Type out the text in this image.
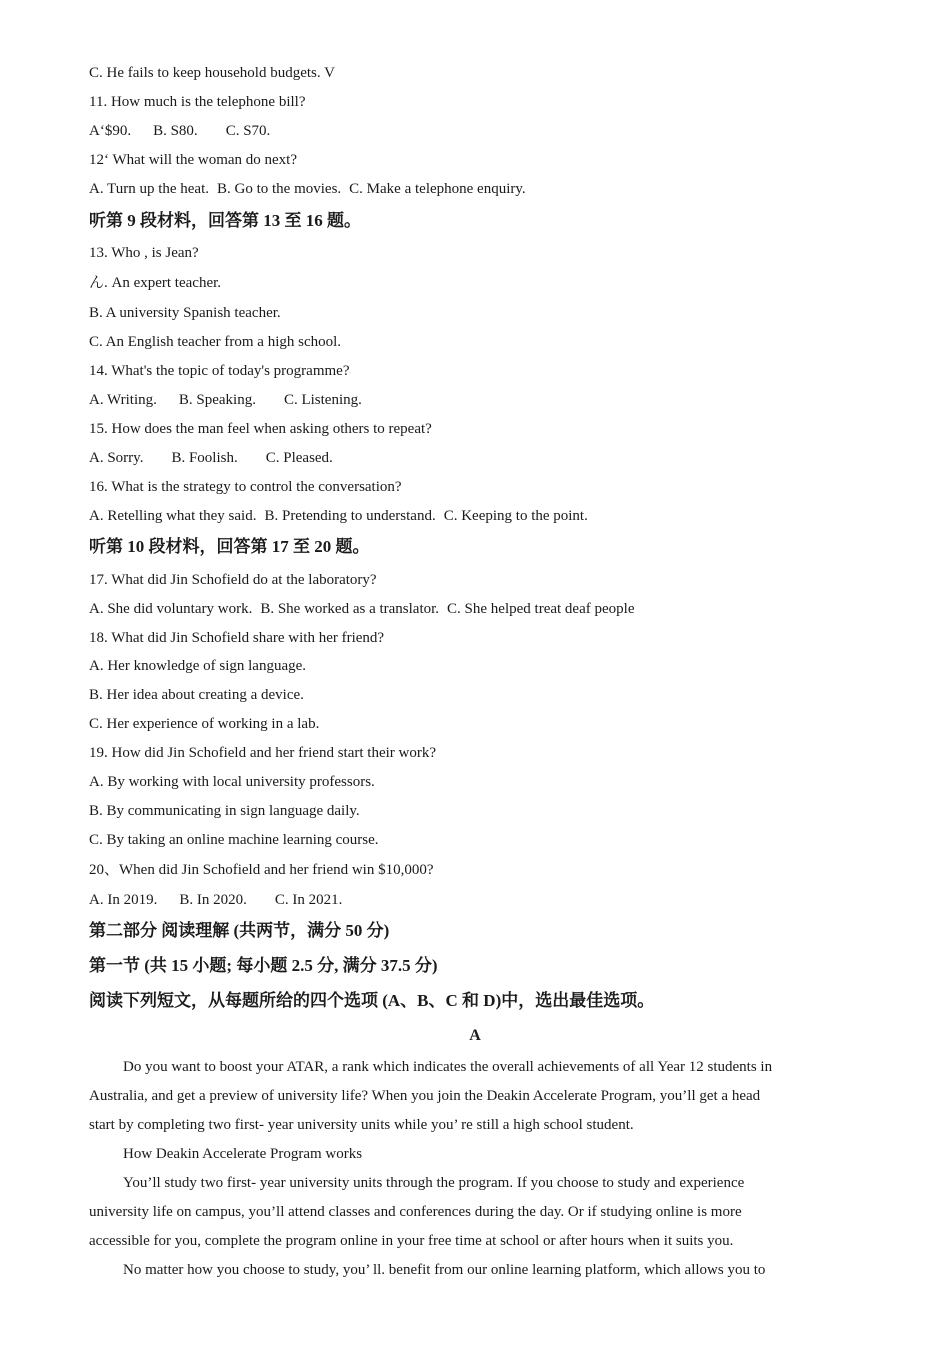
C. He fails to keep household budgets. V
11. How much is the telephone bill?
A‘$90. B. S80. C. S70.
12‘ What will the woman do next?
A. Turn up the heat. B. Go to the movies. C. Make a telephone enquiry.
听第 9 段材料，回答第 13 至 16 题。
13. Who , is Jean?
ん. An expert teacher.
B. A university Spanish teacher.
C. An English teacher from a high school.
14. What's the topic of today's programme?
A. Writing. B. Speaking. C. Listening.
15. How does the man feel when asking others to repeat?
A. Sorry. B. Foolish. C. Pleased.
16. What is the strategy to control the conversation?
A. Retelling what they said. B. Pretending to understand. C. Keeping to the point.
听第 10 段材料，回答第 17 至 20 题。
17. What did Jin Schofield do at the laboratory?
A. She did voluntary work. B. She worked as a translator. C. She helped treat deaf people
18. What did Jin Schofield share with her friend?
A. Her knowledge of sign language.
B. Her idea about creating a device.
C. Her experience of working in a lab.
19. How did Jin Schofield and her friend start their work?
A. By working with local university professors.
B. By communicating in sign language daily.
C. By taking an online machine learning course.
20、When did Jin Schofield and her friend win $10,000?
A. In 2019. B. In 2020. C. In 2021.
第二部分 阅读理解 (共两节，满分 50 分)
第一节 (共 15 小题; 每小题 2.5 分, 满分 37.5 分)
阅读下列短文，从每题所给的四个选项 (A、B、C 和 D)中，选出最佳选项。
A
Do you want to boost your ATAR, a rank which indicates the overall achievements of all Year 12 students in
Australia, and get a preview of university life? When you join the Deakin Accelerate Program, you’ll get a head
start by completing two first- year university units while you’ re still a high school student.
How Deakin Accelerate Program works
You’ll study two first- year university units through the program. If you choose to study and experience
university life on campus, you’ll attend classes and conferences during the day. Or if studying online is more
accessible for you, complete the program online in your free time at school or after hours when it suits you.
No matter how you choose to study, you’ ll. benefit from our online learning platform, which allows you to
